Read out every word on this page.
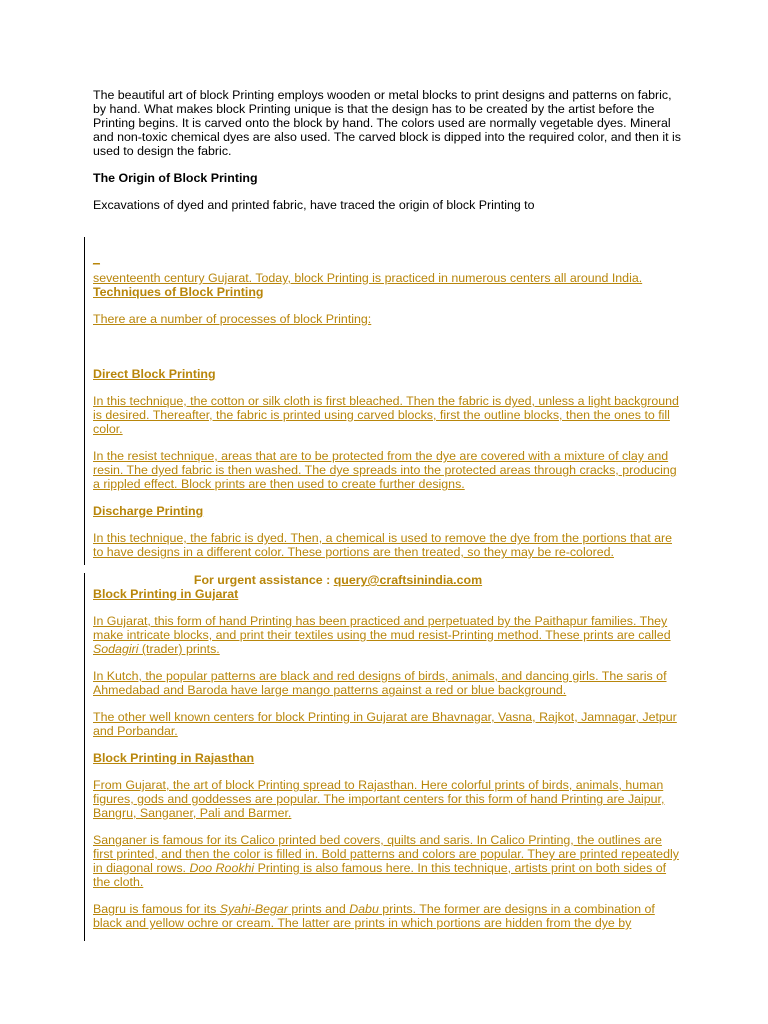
The beautiful art of block Printing employs wooden or metal blocks to print designs and patterns on fabric, by hand. What makes block Printing unique is that the design has to be created by the artist before the Printing begins. It is carved onto the block by hand. The colors used are normally vegetable dyes. Mineral and non-toxic chemical dyes are also used. The carved block is dipped into the required color, and then it is used to design the fabric.

The Origin of Block Printing

Excavations of dyed and printed fabric, have traced the origin of block Printing to

_

seventeenth century Gujarat. Today, block Printing is practiced in numerous centers all around India. Techniques of Block Printing

There are a number of processes of block Printing:

Direct Block Printing

In this technique, the cotton or silk cloth is first bleached. Then the fabric is dyed, unless a light background is desired. Thereafter, the fabric is printed using carved blocks, first the outline blocks, then the ones to fill color.

In the resist technique, areas that are to be protected from the dye are covered with a mixture of clay and resin. The dyed fabric is then washed. The dye spreads into the protected areas through cracks, producing a rippled effect. Block prints are then used to create further designs.

Discharge Printing

In this technique, the fabric is dyed. Then, a chemical is used to remove the dye from the portions that are to have designs in a different color. These portions are then treated, so they may be re-colored.

For urgent assistance : query@craftsinindia.com

Block Printing in Gujarat

In Gujarat, this form of hand Printing has been practiced and perpetuated by the Paithapur families. They make intricate blocks, and print their textiles using the mud resist-Printing method. These prints are called Sodagiri (trader) prints.

In Kutch, the popular patterns are black and red designs of birds, animals, and dancing girls. The saris of Ahmedabad and Baroda have large mango patterns against a red or blue background.

The other well known centers for block Printing in Gujarat are Bhavnagar, Vasna, Rajkot, Jamnagar, Jetpur and Porbandar.

Block Printing in Rajasthan

From Gujarat, the art of block Printing spread to Rajasthan. Here colorful prints of birds, animals, human figures, gods and goddesses are popular. The important centers for this form of hand Printing are Jaipur, Bangru, Sanganer, Pali and Barmer.

Sanganer is famous for its Calico printed bed covers, quilts and saris. In Calico Printing, the outlines are first printed, and then the color is filled in. Bold patterns and colors are popular. They are printed repeatedly in diagonal rows. Doo Rookhi Printing is also famous here. In this technique, artists print on both sides of the cloth.

Bagru is famous for its Syahi-Begar prints and Dabu prints. The former are designs in a combination of black and yellow ochre or cream. The latter are prints in which portions are hidden from the dye by
